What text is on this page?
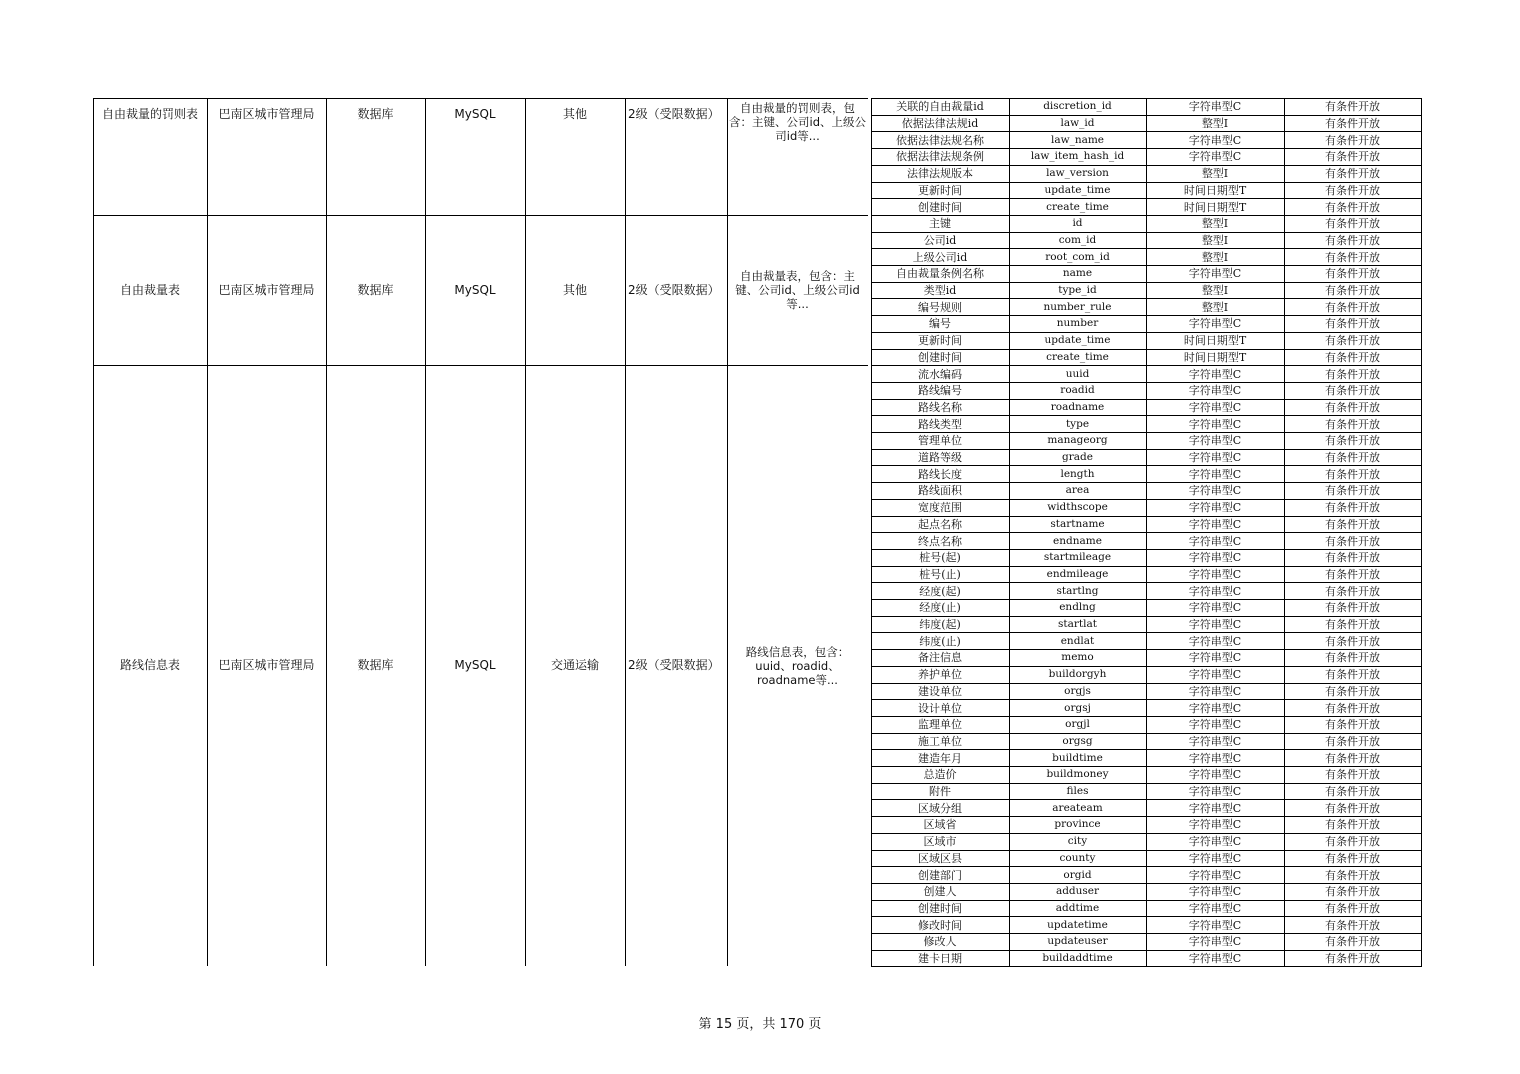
自由裁量的罚则表	巴南区城市管理局	数据库	MySQL	其他	2级（受限数据）	自由裁量的罚则表，包含：主键、公司id、上级公司id等...
关联的自由裁量id	discretion_id	字符串型C	有条件开放
依据法律法规id	law_id	整型I	有条件开放
依据法律法规名称	law_name	字符串型C	有条件开放
依据法律法规条例	law_item_hash_id	字符串型C	有条件开放
法律法规版本	law_version	整型I	有条件开放
更新时间	update_time	时间日期型T	有条件开放
创建时间	create_time	时间日期型T	有条件开放
自由裁量表	巴南区城市管理局	数据库	MySQL	其他	2级（受限数据）
自由裁量表，包含：主键、公司id、上级公司id等...
主键	id	整型I	有条件开放
公司id	com_id	整型I	有条件开放
上级公司id	root_com_id	整型I	有条件开放
自由裁量条例名称	name	字符串型C	有条件开放
类型id	type_id	整型I	有条件开放
编号规则	number_rule	整型I	有条件开放
编号	number	字符串型C	有条件开放
更新时间	update_time	时间日期型T	有条件开放
创建时间	create_time	时间日期型T	有条件开放
路线信息表	巴南区城市管理局	数据库	MySQL	交通运输	2级（受限数据）
路线信息表，包含：uuid、roadid、roadname等...
流水编码	uuid	字符串型C	有条件开放
路线编号	roadid	字符串型C	有条件开放
路线名称	roadname	字符串型C	有条件开放
路线类型	type	字符串型C	有条件开放
管理单位	manageorg	字符串型C	有条件开放
道路等级	grade	字符串型C	有条件开放
路线长度	length	字符串型C	有条件开放
路线面积	area	字符串型C	有条件开放
宽度范围	widthscope	字符串型C	有条件开放
起点名称	startname	字符串型C	有条件开放
终点名称	endname	字符串型C	有条件开放
桩号(起)	startmileage	字符串型C	有条件开放
桩号(止)	endmileage	字符串型C	有条件开放
经度(起)	startlng	字符串型C	有条件开放
经度(止)	endlng	字符串型C	有条件开放
纬度(起)	startlat	字符串型C	有条件开放
纬度(止)	endlat	字符串型C	有条件开放
备注信息	memo	字符串型C	有条件开放
养护单位	buildorgyh	字符串型C	有条件开放
建设单位	orgjs	字符串型C	有条件开放
设计单位	orgsj	字符串型C	有条件开放
监理单位	orgjl	字符串型C	有条件开放
施工单位	orgsg	字符串型C	有条件开放
建造年月	buildtime	字符串型C	有条件开放
总造价	buildmoney	字符串型C	有条件开放
附件	files	字符串型C	有条件开放
区域分组	areateam	字符串型C	有条件开放
区域省	province	字符串型C	有条件开放
区域市	city	字符串型C	有条件开放
区域区县	county	字符串型C	有条件开放
创建部门	orgid	字符串型C	有条件开放
创建人	adduser	字符串型C	有条件开放
创建时间	addtime	字符串型C	有条件开放
修改时间	updatetime	字符串型C	有条件开放
修改人	updateuser	字符串型C	有条件开放
建卡日期	buildaddtime	字符串型C	有条件开放
第 15 页，共 170 页
